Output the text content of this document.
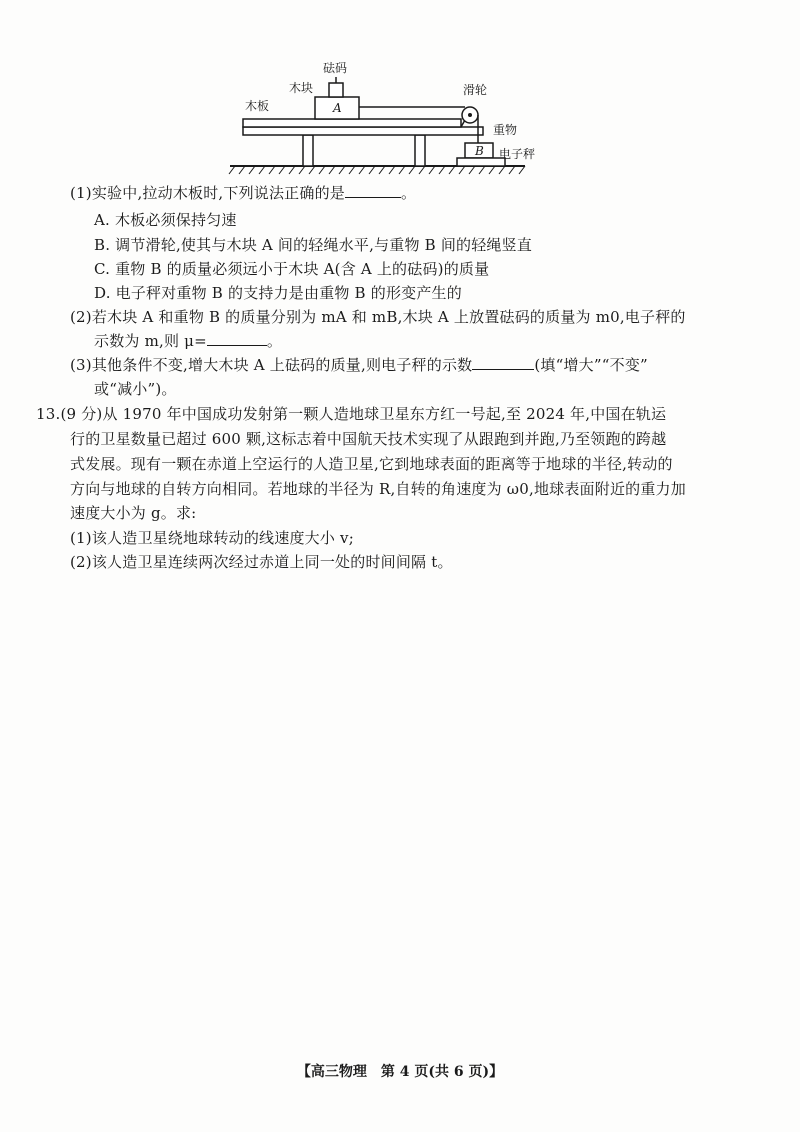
砝码
木块
A
木板
滑轮
重物
B 电子秤
(1)实验中,拉动木板时,下列说法正确的是	。
A. 木板必须保持匀速
B. 调节滑轮,使其与木块 A 间的轻绳水平,与重物 B 间的轻绳竖直
C. 重物 B 的质量必须远小于木块 A(含 A 上的砝码)的质量
D. 电子秤对重物 B 的支持力是由重物 B 的形变产生的
(2)若木块 A 和重物 B 的质量分别为 mA 和 mB,木块 A 上放置砝码的质量为 m0,电子秤的
示数为 m,则 μ=	。
(3)其他条件不变,增大木块 A 上砝码的质量,则电子秤的示数	(填“增大”“不变”
或“减小”)。
13.(9 分)从 1970 年中国成功发射第一颗人造地球卫星东方红一号起,至 2024 年,中国在轨运
行的卫星数量已超过 600 颗,这标志着中国航天技术实现了从跟跑到并跑,乃至领跑的跨越
式发展。现有一颗在赤道上空运行的人造卫星,它到地球表面的距离等于地球的半径,转动的
方向与地球的自转方向相同。若地球的半径为 R,自转的角速度为 ω0,地球表面附近的重力加
速度大小为 g。求:
(1)该人造卫星绕地球转动的线速度大小 v;
(2)该人造卫星连续两次经过赤道上同一处的时间间隔 t。
【高三物理　第 4 页(共 6 页)】
